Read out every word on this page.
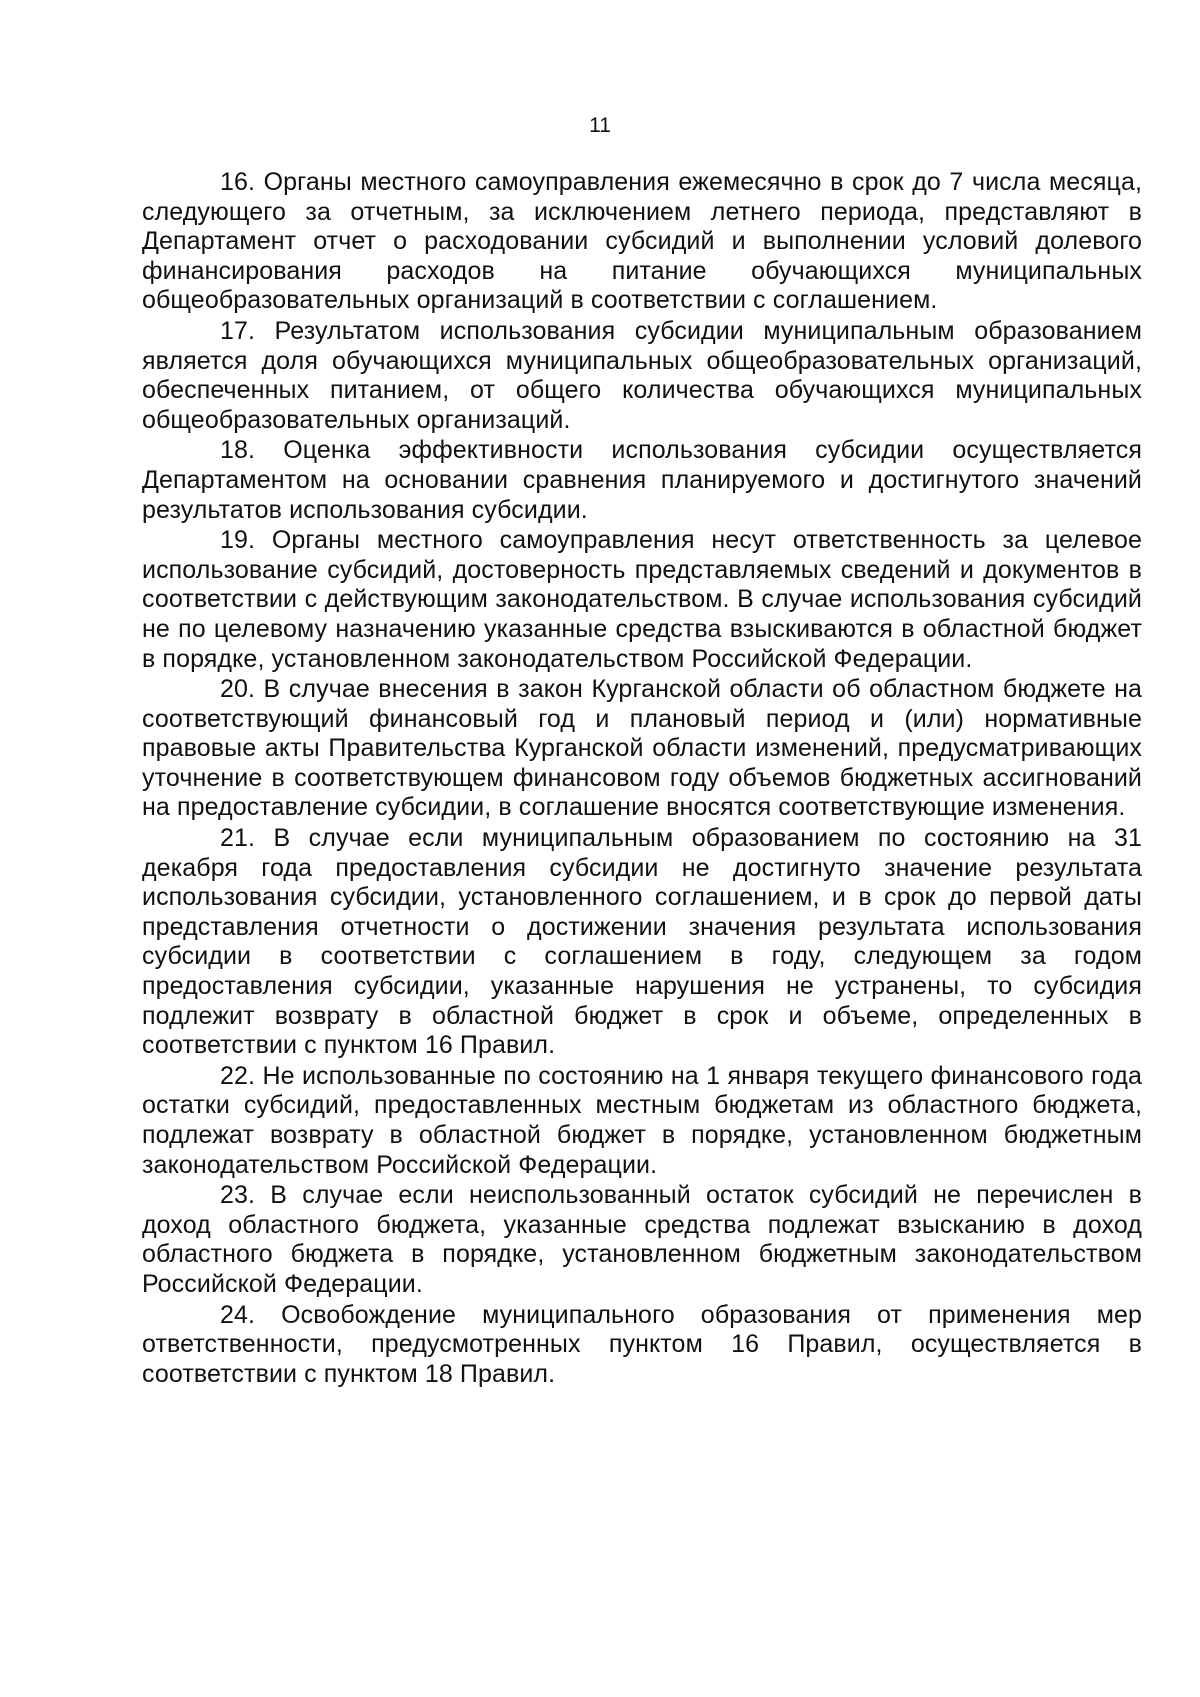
11

16. Органы местного самоуправления ежемесячно в срок до 7 числа месяца, следующего за отчетным, за исключением летнего периода, представляют в Департамент отчет о расходовании субсидий и выполнении условий долевого финансирования расходов на питание обучающихся муниципальных общеобразовательных организаций в соответствии с соглашением.

17. Результатом использования субсидии муниципальным образованием является доля обучающихся муниципальных общеобразовательных организаций, обеспеченных питанием, от общего количества обучающихся муниципальных общеобразовательных организаций.

18. Оценка эффективности использования субсидии осуществляется Департаментом на основании сравнения планируемого и достигнутого значений результатов использования субсидии.

19. Органы местного самоуправления несут ответственность за целевое использование субсидий, достоверность представляемых сведений и документов в соответствии с действующим законодательством. В случае использования субсидий не по целевому назначению указанные средства взыскиваются в областной бюджет в порядке, установленном законодательством Российской Федерации.

20. В случае внесения в закон Курганской области об областном бюджете на соответствующий финансовый год и плановый период и (или) нормативные правовые акты Правительства Курганской области изменений, предусматривающих уточнение в соответствующем финансовом году объемов бюджетных ассигнований на предоставление субсидии, в соглашение вносятся соответствующие изменения.

21. В случае если муниципальным образованием по состоянию на 31 декабря года предоставления субсидии не достигнуто значение результата использования субсидии, установленного соглашением, и в срок до первой даты представления отчетности о достижении значения результата использования субсидии в соответствии с соглашением в году, следующем за годом предоставления субсидии, указанные нарушения не устранены, то субсидия подлежит возврату в областной бюджет в срок и объеме, определенных в соответствии с пунктом 16 Правил.

22. Не использованные по состоянию на 1 января текущего финансового года остатки субсидий, предоставленных местным бюджетам из областного бюджета, подлежат возврату в областной бюджет в порядке, установленном бюджетным законодательством Российской Федерации.

23. В случае если неиспользованный остаток субсидий не перечислен в доход областного бюджета, указанные средства подлежат взысканию в доход областного бюджета в порядке, установленном бюджетным законодательством Российской Федерации.

24. Освобождение муниципального образования от применения мер ответственности, предусмотренных пунктом 16 Правил, осуществляется в соответствии с пунктом 18 Правил.
